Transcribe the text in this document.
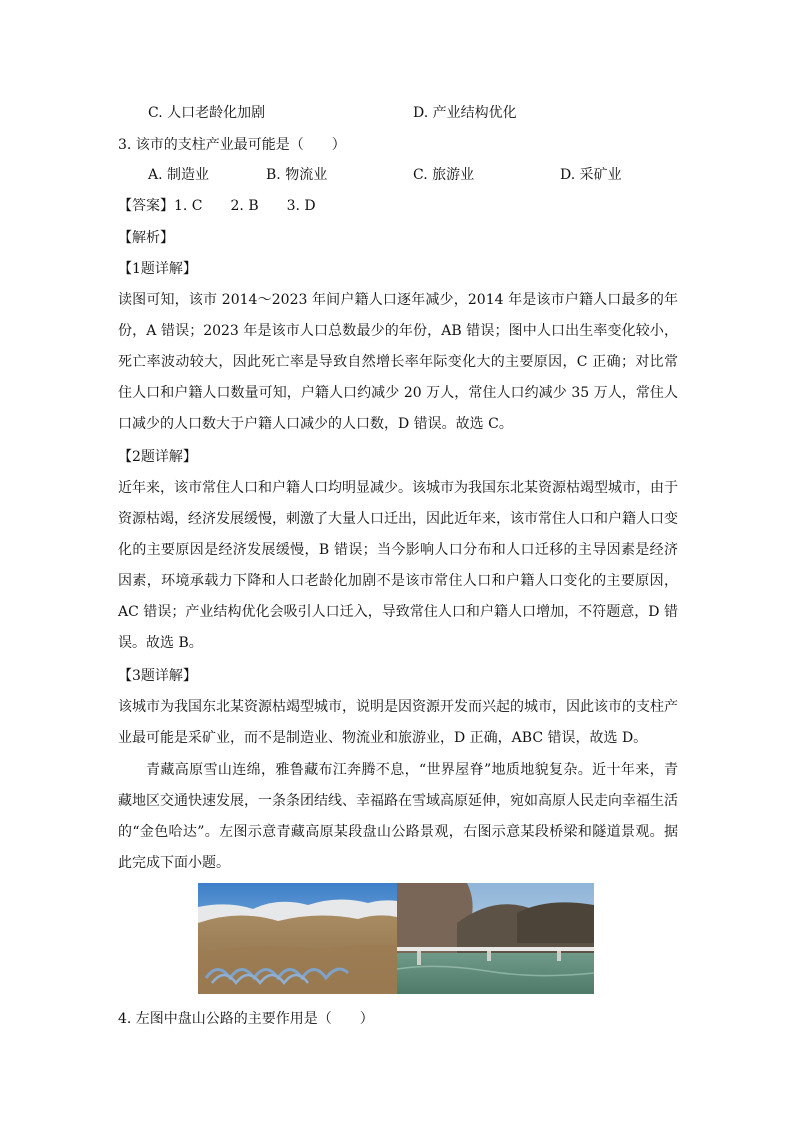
C. 人口老龄化加剧	D. 产业结构优化
3. 该市的支柱产业最可能是（　　）
A. 制造业	B. 物流业	C. 旅游业	D. 采矿业
【答案】1. C　　2. B　　3. D
【解析】
【1题详解】
读图可知，该市 2014～2023 年间户籍人口逐年减少，2014 年是该市户籍人口最多的年份，A 错误；2023 年是该市人口总数最少的年份，AB 错误；图中人口出生率变化较小，死亡率波动较大，因此死亡率是导致自然增长率年际变化大的主要原因，C 正确；对比常住人口和户籍人口数量可知，户籍人口约减少 20 万人，常住人口约减少 35 万人，常住人口减少的人口数大于户籍人口减少的人口数，D 错误。故选 C。
【2题详解】
近年来，该市常住人口和户籍人口均明显减少。该城市为我国东北某资源枯竭型城市，由于资源枯竭，经济发展缓慢，刺激了大量人口迁出，因此近年来，该市常住人口和户籍人口变化的主要原因是经济发展缓慢，B 错误；当今影响人口分布和人口迁移的主导因素是经济因素，环境承载力下降和人口老龄化加剧不是该市常住人口和户籍人口变化的主要原因，AC 错误；产业结构优化会吸引人口迁入，导致常住人口和户籍人口增加，不符题意，D 错误。故选 B。
【3题详解】
该城市为我国东北某资源枯竭型城市，说明是因资源开发而兴起的城市，因此该市的支柱产业最可能是采矿业，而不是制造业、物流业和旅游业，D 正确，ABC 错误，故选 D。
青藏高原雪山连绵，雅鲁藏布江奔腾不息，“世界屋脊”地质地貌复杂。近十年来，青藏地区交通快速发展，一条条团结线、幸福路在雪域高原延伸，宛如高原人民走向幸福生活的“金色哈达”。左图示意青藏高原某段盘山公路景观，右图示意某段桥梁和隧道景观。据此完成下面小题。
4. 左图中盘山公路的主要作用是（　　）
